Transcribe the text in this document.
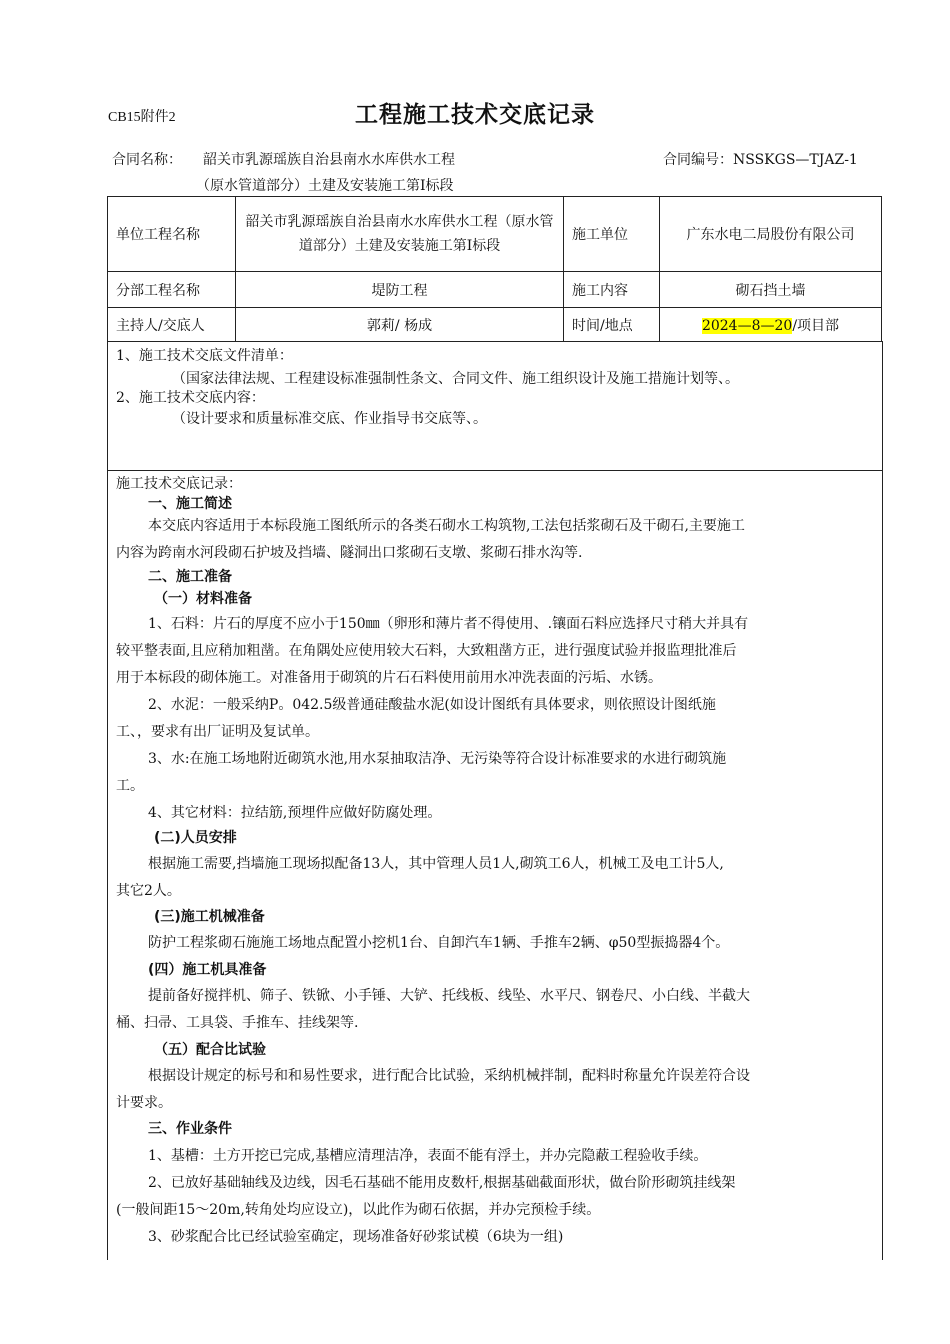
CB15附件2	工程施工技术交底记录
合同名称： 韶关市乳源瑶族自治县南水水库供水工程
（原水管道部分）土建及安装施工第Ⅰ标段
合同编号：NSSKGS—TJAZ-1
单位工程名称	韶关市乳源瑶族自治县南水水库供水工程（原水管道部分）土建及安装施工第Ⅰ标段	施工单位	广东水电二局股份有限公司
分部工程名称	堤防工程	施工内容	砌石挡土墙
主持人/交底人	郭莉/ 杨成	时间/地点	2024—8—20/项目部
1、施工技术交底文件清单：
（国家法律法规、工程建设标准强制性条文、合同文件、施工组织设计及施工措施计划等、。
2、施工技术交底内容：
（设计要求和质量标准交底、作业指导书交底等、。
施工技术交底记录：
一、施工简述
本交底内容适用于本标段施工图纸所示的各类石砌水工构筑物,工法包括浆砌石及干砌石,主要施工
内容为跨南水河段砌石护坡及挡墙、隧洞出口浆砌石支墩、浆砌石排水沟等.
二、施工准备
（一）材料准备
1、石料：片石的厚度不应小于150㎜（卵形和薄片者不得使用、.镶面石料应选择尺寸稍大并具有
较平整表面,且应稍加粗凿。在角隅处应使用较大石料，大致粗凿方正，进行强度试验并报监理批准后
用于本标段的砌体施工。对准备用于砌筑的片石石料使用前用水冲洗表面的污垢、水锈。
2、水泥：一般采纳P。042.5级普通硅酸盐水泥(如设计图纸有具体要求，则依照设计图纸施
工、，要求有出厂证明及复试单。
3、水:在施工场地附近砌筑水池,用水泵抽取洁净、无污染等符合设计标准要求的水进行砌筑施
工。
4、其它材料：拉结筋,预埋件应做好防腐处理。
(二)人员安排
根据施工需要,挡墙施工现场拟配备13人，其中管理人员1人,砌筑工6人，机械工及电工计5人,
其它2人。
(三)施工机械准备
防护工程浆砌石施施工场地点配置小挖机1台、自卸汽车1辆、手推车2辆、φ50型振捣器4个。
(四）施工机具准备
提前备好搅拌机、筛子、铁锨、小手锤、大铲、托线板、线坠、水平尺、钢卷尺、小白线、半截大
桶、扫帚、工具袋、手推车、挂线架等.
（五）配合比试验
根据设计规定的标号和和易性要求，进行配合比试验，采纳机械拌制，配料时称量允许误差符合设
计要求。
三、作业条件
1、基槽：土方开挖已完成,基槽应清理洁净，表面不能有浮土，并办完隐蔽工程验收手续。
2、已放好基础轴线及边线，因毛石基础不能用皮数杆,根据基础截面形状，做台阶形砌筑挂线架
(一般间距15～20m,转角处均应设立)，以此作为砌石依据，并办完预检手续。
3、砂浆配合比已经试验室确定，现场准备好砂浆试模（6块为一组)
